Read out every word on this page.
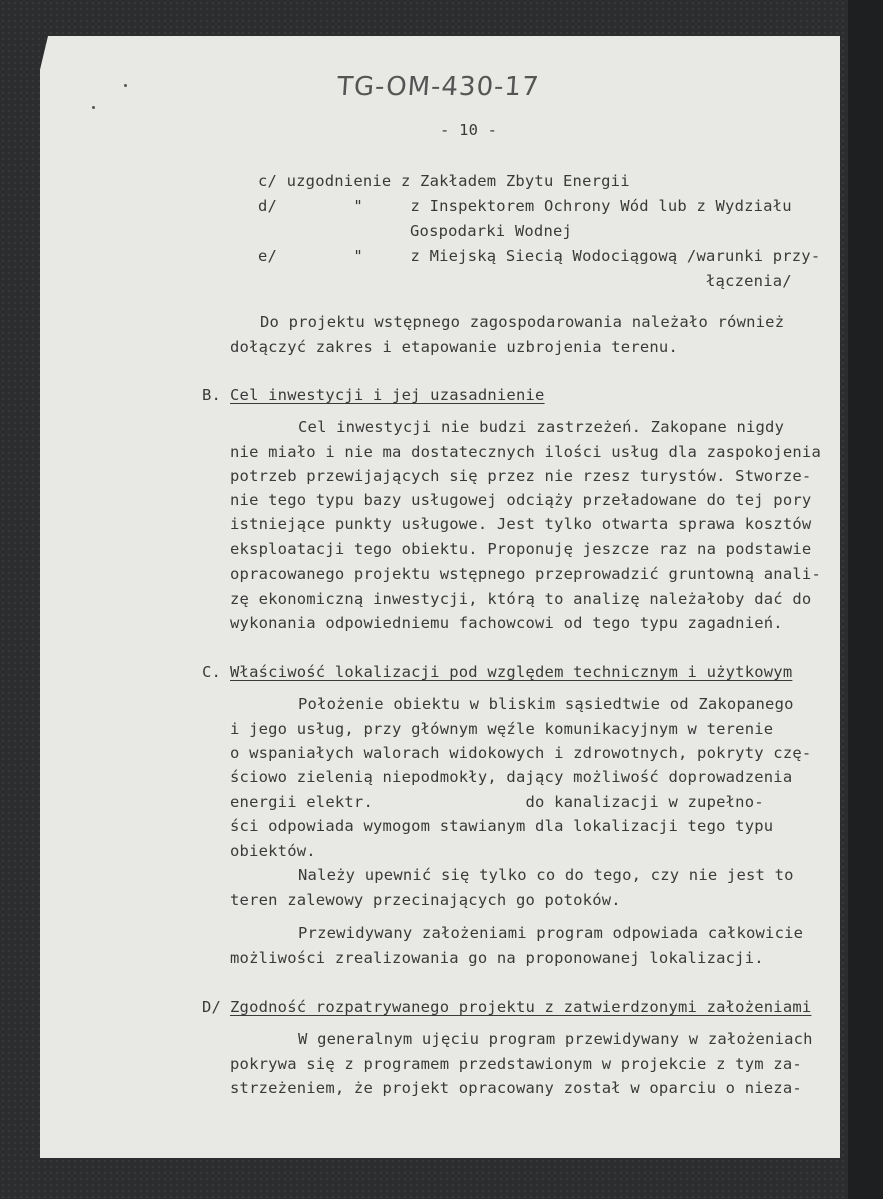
TG-OM-430-17
- 10 -
c/ uzgodnienie z Zakładem Zbytu Energii
d/        "     z Inspektorem Ochrony Wód lub z Wydziału
Gospodarki Wodnej
e/        "     z Miejską Siecią Wodociągową /warunki przy-
łączenia/
Do projektu wstępnego zagospodarowania należało również
dołączyć zakres i etapowanie uzbrojenia terenu.
B. Cel inwestycji i jej uzasadnienie
Cel inwestycji nie budzi zastrzeżeń. Zakopane nigdy
nie miało i nie ma dostatecznych ilości usług dla zaspokojenia
potrzeb przewijających się przez nie rzesz turystów. Stworze-
nie tego typu bazy usługowej odciąży przeładowane do tej pory
istniejące punkty usługowe. Jest tylko otwarta sprawa kosztów
eksploatacji tego obiektu. Proponuję jeszcze raz na podstawie
opracowanego projektu wstępnego przeprowadzić gruntowną anali-
zę ekonomiczną inwestycji, którą to analizę należałoby dać do
wykonania odpowiedniemu fachowcowi od tego typu zagadnień.
C. Właściwość lokalizacji pod względem technicznym i użytkowym
Położenie obiektu w bliskim sąsiedtwie od Zakopanego
i jego usług, przy głównym węźle komunikacyjnym w terenie
o wspaniałych walorach widokowych i zdrowotnych, pokryty czę-
ściowo zielenią niepodmokły, dający możliwość doprowadzenia
energii elektr.                do kanalizacji w zupełno-
ści odpowiada wymogom stawianym dla lokalizacji tego typu
obiektów.
Należy upewnić się tylko co do tego, czy nie jest to
teren zalewowy przecinających go potoków.
Przewidywany założeniami program odpowiada całkowicie
możliwości zrealizowania go na proponowanej lokalizacji.
D/ Zgodność rozpatrywanego projektu z zatwierdzonymi założeniami
W generalnym ujęciu program przewidywany w założeniach
pokrywa się z programem przedstawionym w projekcie z tym za-
strzeżeniem, że projekt opracowany został w oparciu o nieza-
